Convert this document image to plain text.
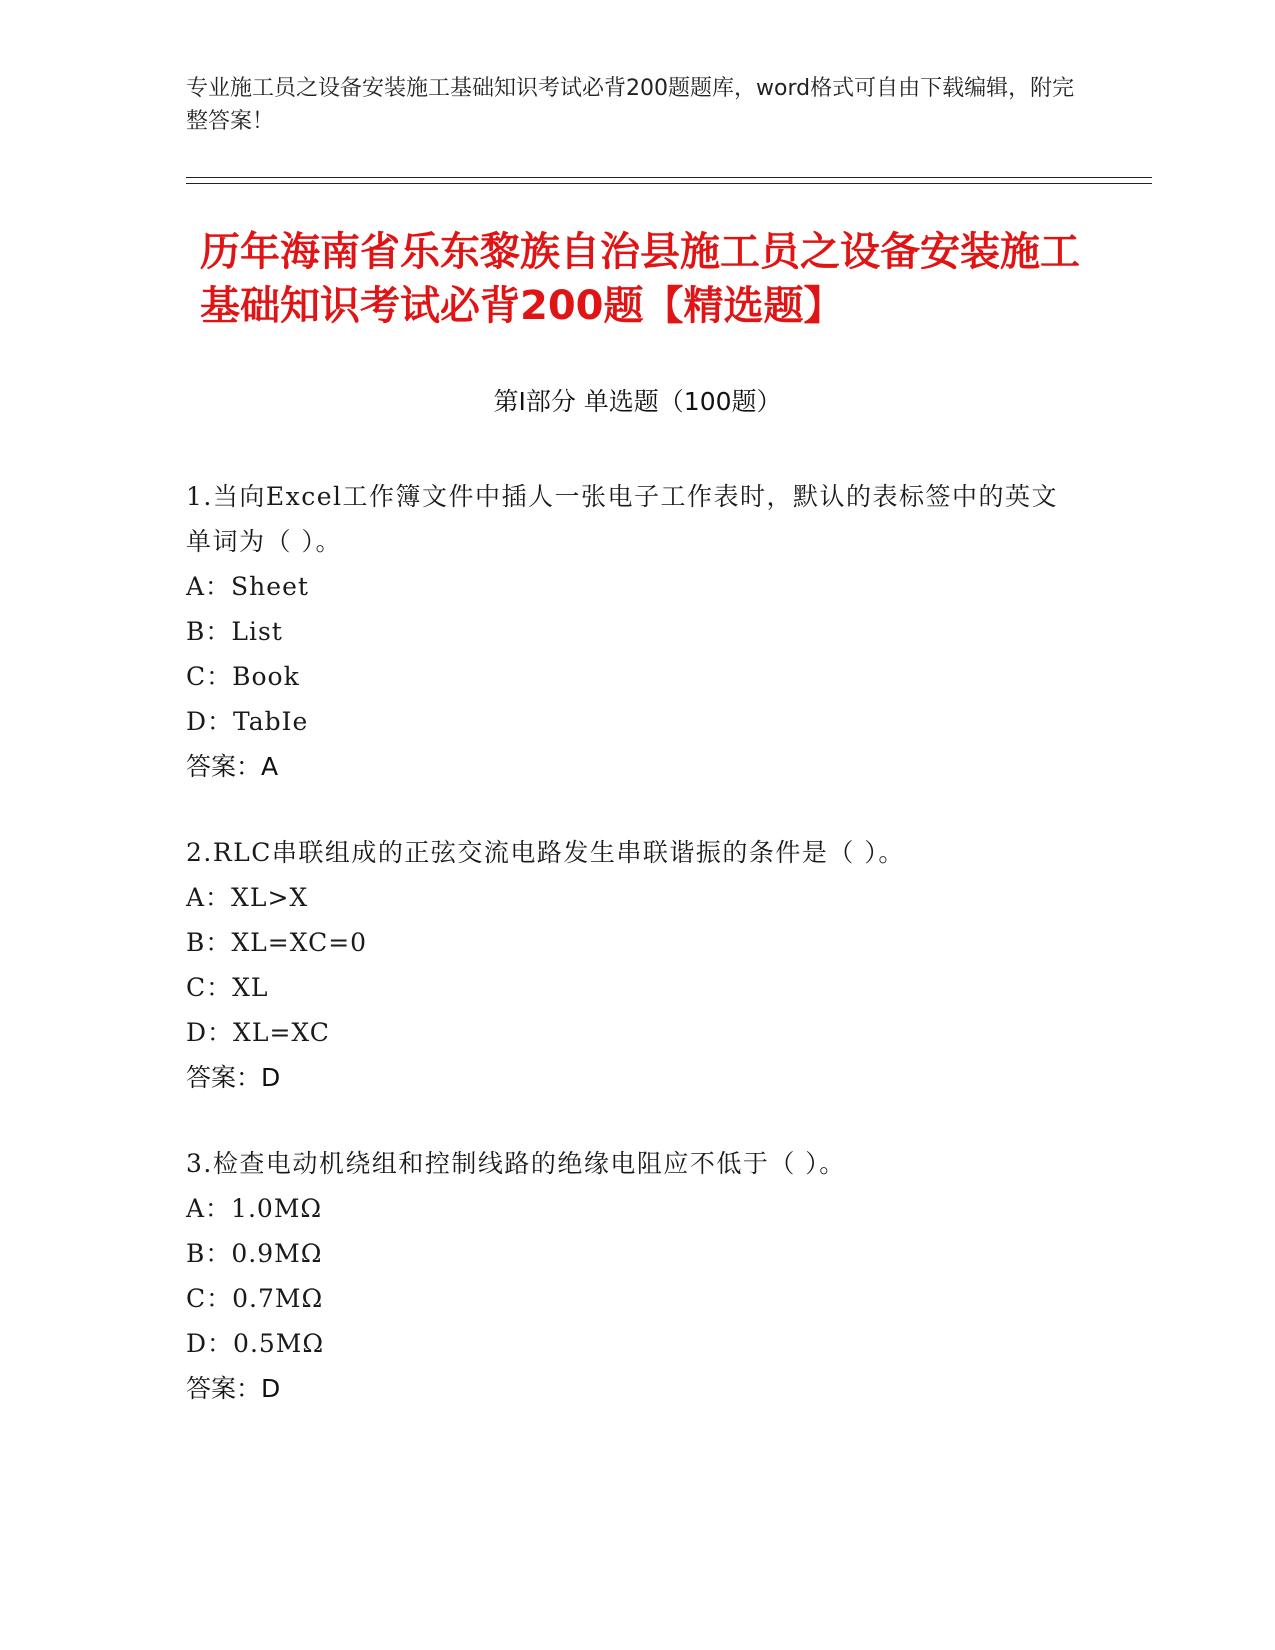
专业施工员之设备安装施工基础知识考试必背200题题库，word格式可自由下载编辑，附完整答案！
历年海南省乐东黎族自治县施工员之设备安装施工基础知识考试必背200题【精选题】
第Ⅰ部分 单选题（100题）
1.当向Excel工作簿文件中插人一张电子工作表时，默认的表标签中的英文单词为（ ）。
A：Sheet
B：List
C：Book
D：TabIe
答案：A
2.RLC串联组成的正弦交流电路发生串联谐振的条件是（ ）。
A：XL>X
B：XL=XC=0
C：XL
D：XL=XC
答案：D
3.检查电动机绕组和控制线路的绝缘电阻应不低于（ ）。
A：1.0MΩ
B：0.9MΩ
C：0.7MΩ
D：0.5MΩ
答案：D
